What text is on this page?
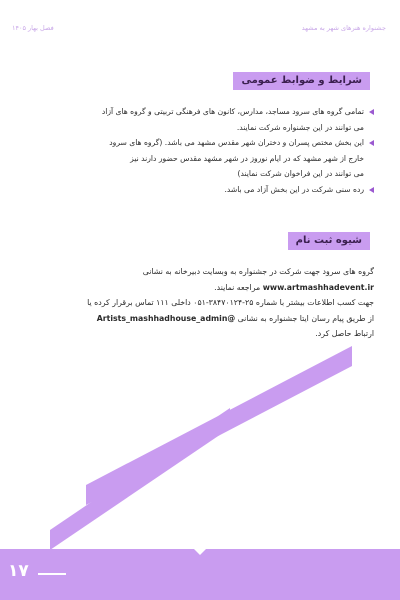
جشنواره هنرهای شهر به مشهد
فصل بهار ۱۴۰۵
شرایط و ضوابط عمومی
تمامی گروه های سرود مساجد، مدارس، کانون های فرهنگی تربیتی و گروه های آزاد
می توانند در این جشنواره شرکت نمایند.
این بخش مختص پسران و دختران شهر مقدس مشهد می باشد. (گروه های سرود
خارج از شهر مشهد که در ایام نوروز در شهر مشهد مقدس حضور دارند نیز
می توانند در این فراخوان شرکت نمایند)
رده سنی شرکت در این بخش آزاد می باشد.
شیوه ثبت نام
گروه های سرود جهت شرکت در جشنواره به وبسایت دبیرخانه به نشانی
www.artmashhadevent.ir مراجعه نمایند.
جهت کسب اطلاعات بیشتر با شماره ۲۵-۳۸۴۷۰۱۲۴-۰۵۱ داخلی ۱۱۱ تماس برقرار کرده یا
از طریق پیام رسان ایتا جشنواره به نشانی @Artists_mashhadhouse_admin
ارتباط حاصل کرد.
۱۷
